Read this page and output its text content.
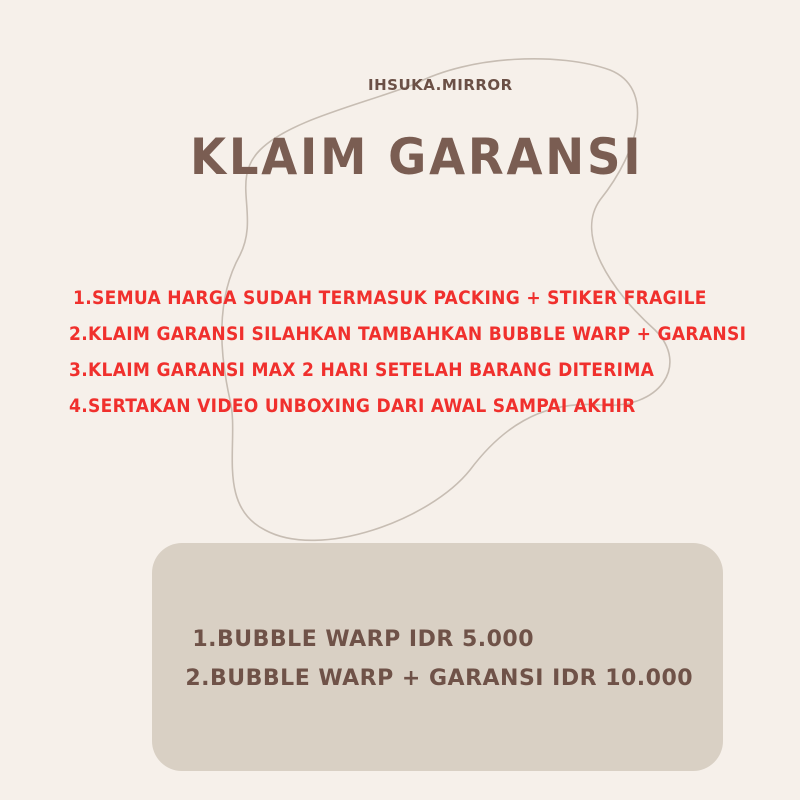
IHSUKA.MIRROR
KLAIM GARANSI
1. SEMUA HARGA SUDAH TERMASUK PACKING + STIKER FRAGILE
2. KLAIM GARANSI SILAHKAN TAMBAHKAN BUBBLE WARP + GARANSI
3. KLAIM GARANSI MAX 2 HARI SETELAH BARANG DITERIMA
4. SERTAKAN VIDEO UNBOXING DARI AWAL SAMPAI AKHIR
1. BUBBLE WARP IDR 5.000
2. BUBBLE WARP + GARANSI IDR 10.000
